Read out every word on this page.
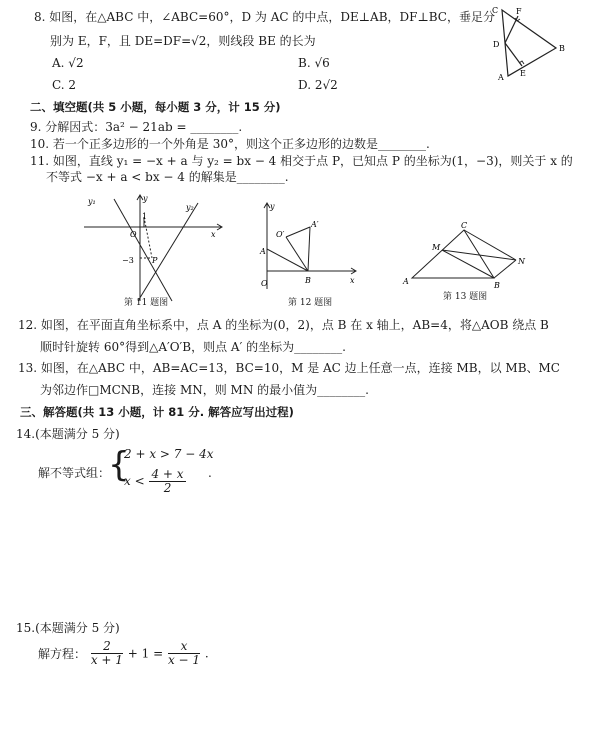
8. 如图，在△ABC 中，∠ABC=60°，D 为 AC 的中点，DE⊥AB，DF⊥BC，垂足分
别为 E，F，且 DE=DF=√2，则线段 BE 的长为
A. √2	B. √6
C. 2	D. 2√2
C F
D	B
A E
二、填空题(共 5 小题，每小题 3 分，计 15 分)
9. 分解因式：3a² − 21ab = ________.
10. 若一个正多边形的一个外角是 30°，则这个正多边形的边数是________.
11. 如图，直线 y₁ = −x + a 与 y₂ = bx − 4 相交于点 P，已知点 P 的坐标为(1，−3)，则关于 x 的
不等式 −x + a < bx − 4 的解集是________.
y₁	y
y₂
x
O
1
−3 P
第 11 题图
y
x
O
A
B
O′
A′
第 12 题图
C
M
N
A	B
第 13 题图
12. 如图，在平面直角坐标系中，点 A 的坐标为(0，2)，点 B 在 x 轴上，AB=4，将△AOB 绕点 B
顺时针旋转 60°得到△A′O′B，则点 A′ 的坐标为________.
13. 如图，在△ABC 中，AB=AC=13，BC=10，M 是 AC 边上任意一点，连接 MB，以 MB、MC
为邻边作□MCNB，连接 MN，则 MN 的最小值为________.
三、解答题(共 13 小题，计 81 分. 解答应写出过程)
14.(本题满分 5 分)
解不等式组：
{
2 + x > 7 − 4x
$x < \frac{4 + x}{2}$ .
15.(本题满分 5 分)
解方程： $\frac{2}{x + 1} + 1 = \frac{x}{x - 1}$ .
